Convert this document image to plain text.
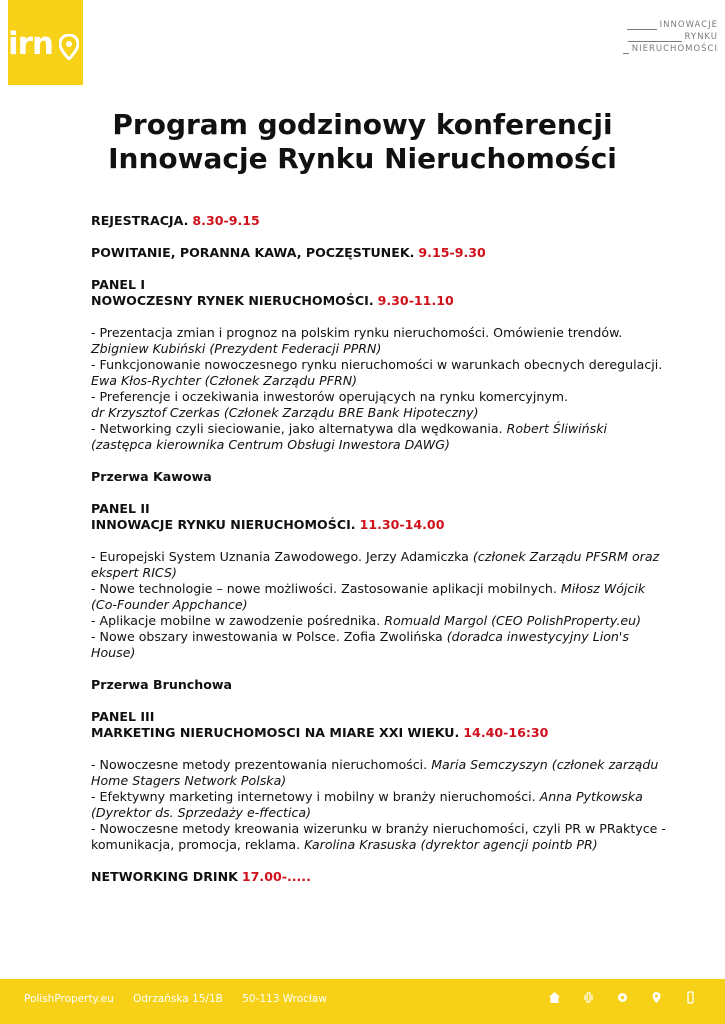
irn
INNOWACJE
RYNKU
NIERUCHOMOŚCI
Program godzinowy konferencji
Innowacje Rynku Nieruchomości

REJESTRACJA. 8.30-9.15

POWITANIE, PORANNA KAWA, POCZĘSTUNEK. 9.15-9.30

PANEL I

NOWOCZESNY RYNEK NIERUCHOMOŚCI. 9.30-11.10

- Prezentacja zmian i prognoz na polskim rynku nieruchomości. Omówienie trendów. Zbigniew Kubiński (Prezydent Federacji PPRN)

- Funkcjonowanie nowoczesnego rynku nieruchomości w warunkach obecnych deregulacji.
Ewa Kłos-Rychter (Członek Zarządu PFRN)

- Preferencje i oczekiwania inwestorów operujących na rynku komercyjnym.
dr Krzysztof Czerkas (Członek Zarządu BRE Bank Hipoteczny)

- Networking czyli sieciowanie, jako alternatywa dla wędkowania. Robert Śliwiński (zastępca kierownika Centrum Obsługi Inwestora DAWG)

Przerwa Kawowa

PANEL II

INNOWACJE RYNKU NIERUCHOMOŚCI. 11.30-14.00

- Europejski System Uznania Zawodowego. Jerzy Adamiczka (członek Zarządu PFSRM oraz ekspert RICS)

- Nowe technologie – nowe możliwości. Zastosowanie aplikacji mobilnych. Miłosz Wójcik (Co-Founder Appchance)

- Aplikacje mobilne w zawodzenie pośrednika. Romuald Margol (CEO PolishProperty.eu)

- Nowe obszary inwestowania w Polsce. Zofia Zwolińska (doradca inwestycyjny Lion's House)

Przerwa Brunchowa

PANEL III

MARKETING NIERUCHOMOSCI NA MIARE XXI WIEKU. 14.40-16:30

- Nowoczesne metody prezentowania nieruchomości. Maria Semczyszyn (członek zarządu Home Stagers Network Polska)

- Efektywny marketing internetowy i mobilny w branży nieruchomości. Anna Pytkowska (Dyrektor ds. Sprzedaży e-ffectica)

- Nowoczesne metody kreowania wizerunku w branży nieruchomości, czyli PR w PRaktyce - komunikacja, promocja, reklama. Karolina Krasuska (dyrektor agencji pointb PR)

NETWORKING DRINK 17.00-.....

PolishProperty.eu Odrzańska 15/1B 50-113 Wrocław
